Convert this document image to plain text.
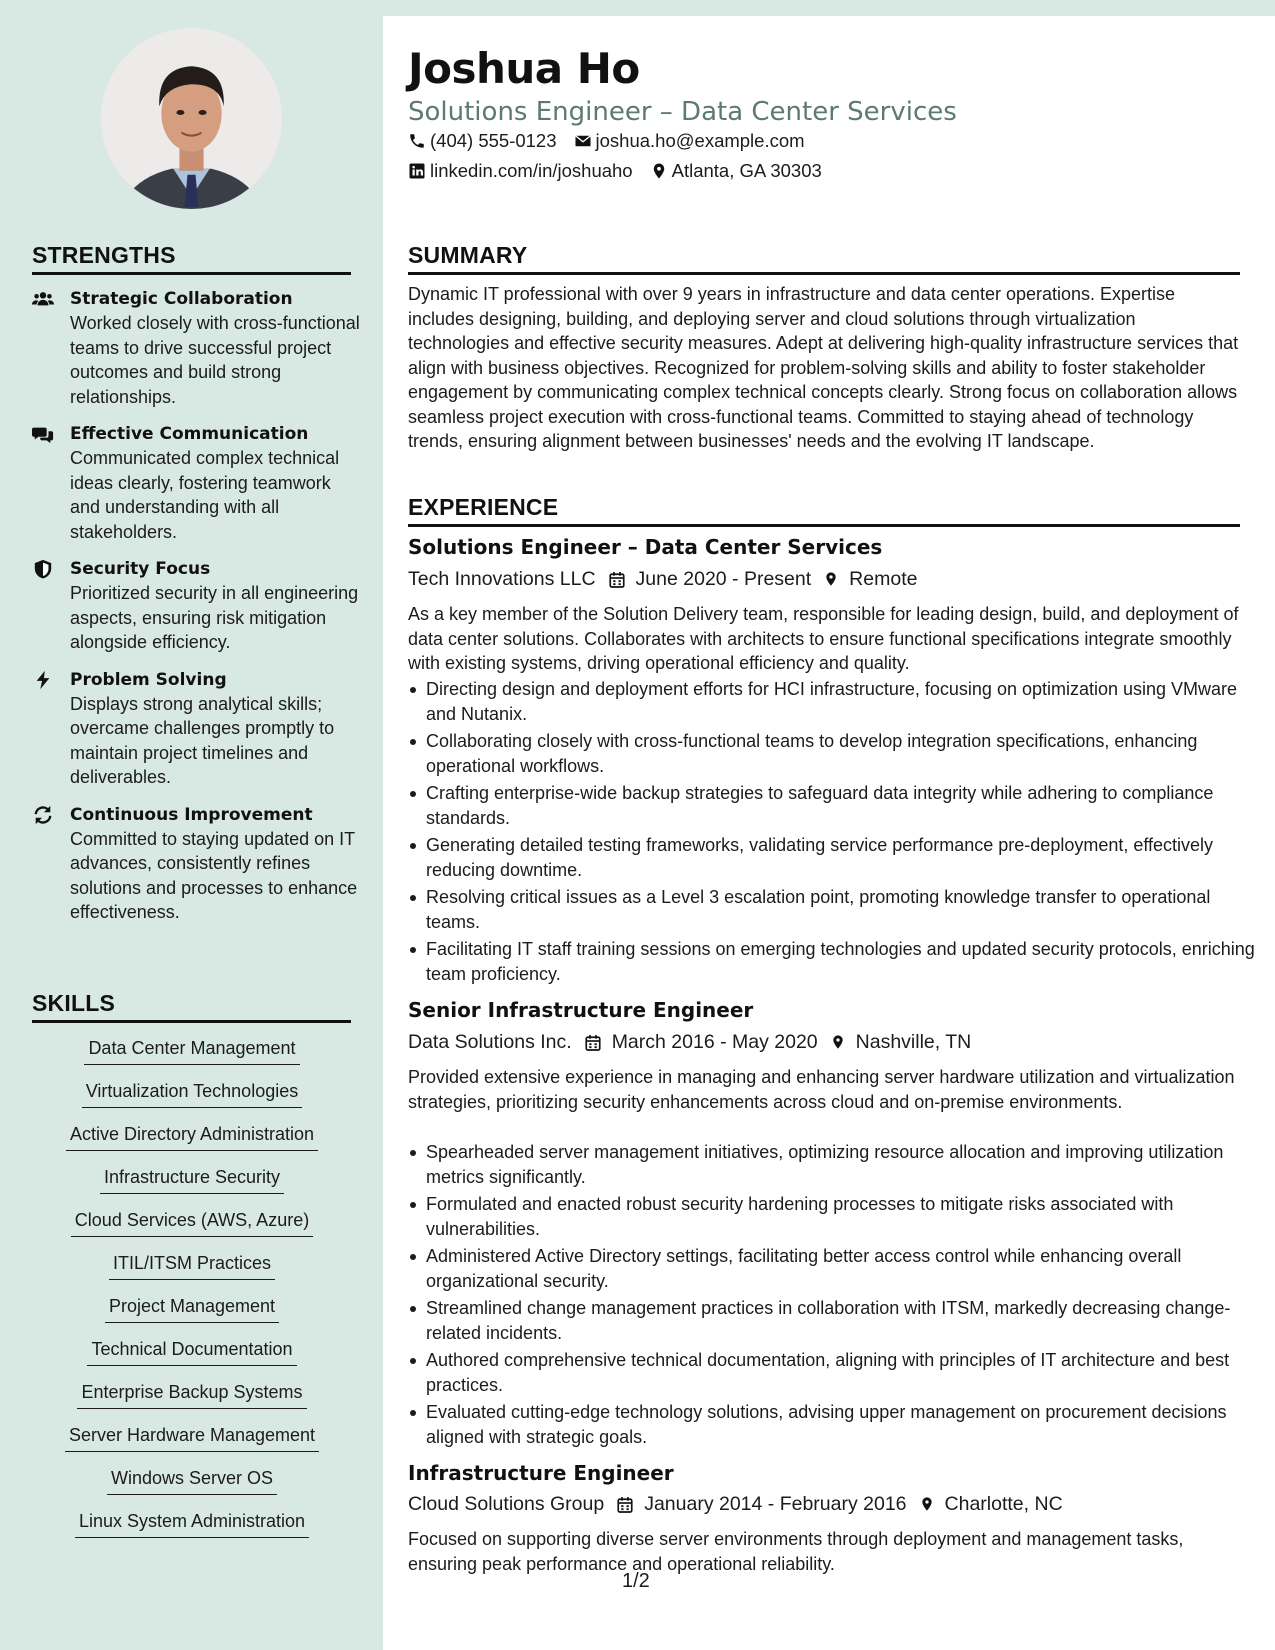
Joshua Ho
Solutions Engineer – Data Center Services
(404) 555-0123 joshua.ho@example.com
linkedin.com/in/joshuaho Atlanta, GA 30303
STRENGTHS
Strategic Collaboration
Worked closely with cross-functional teams to drive successful project outcomes and build strong relationships.
Effective Communication
Communicated complex technical ideas clearly, fostering teamwork and understanding with all stakeholders.
Security Focus
Prioritized security in all engineering aspects, ensuring risk mitigation alongside efficiency.
Problem Solving
Displays strong analytical skills; overcame challenges promptly to maintain project timelines and deliverables.
Continuous Improvement
Committed to staying updated on IT advances, consistently refines solutions and processes to enhance effectiveness.
SKILLS
Data Center Management
Virtualization Technologies
Active Directory Administration
Infrastructure Security
Cloud Services (AWS, Azure)
ITIL/ITSM Practices
Project Management
Technical Documentation
Enterprise Backup Systems
Server Hardware Management
Windows Server OS
Linux System Administration
SUMMARY

Dynamic IT professional with over 9 years in infrastructure and data center operations. Expertise includes designing, building, and deploying server and cloud solutions through virtualization technologies and effective security measures. Adept at delivering high-quality infrastructure services that align with business objectives. Recognized for problem-solving skills and ability to foster stakeholder engagement by communicating complex technical concepts clearly. Strong focus on collaboration allows seamless project execution with cross-functional teams. Committed to staying ahead of technology trends, ensuring alignment between businesses' needs and the evolving IT landscape.

EXPERIENCE
Solutions Engineer – Data Center Services
Tech Innovations LLC June 2020 - Present Remote

As a key member of the Solution Delivery team, responsible for leading design, build, and deployment of data center solutions. Collaborates with architects to ensure functional specifications integrate smoothly with existing systems, driving operational efficiency and quality.

Directing design and deployment efforts for HCI infrastructure, focusing on optimization using VMware and Nutanix.
Collaborating closely with cross-functional teams to develop integration specifications, enhancing operational workflows.
Crafting enterprise-wide backup strategies to safeguard data integrity while adhering to compliance standards.
Generating detailed testing frameworks, validating service performance pre-deployment, effectively reducing downtime.
Resolving critical issues as a Level 3 escalation point, promoting knowledge transfer to operational teams.
Facilitating IT staff training sessions on emerging technologies and updated security protocols, enriching team proficiency.
Senior Infrastructure Engineer
Data Solutions Inc. March 2016 - May 2020 Nashville, TN

Provided extensive experience in managing and enhancing server hardware utilization and virtualization strategies, prioritizing security enhancements across cloud and on-premise environments.

Spearheaded server management initiatives, optimizing resource allocation and improving utilization metrics significantly.
Formulated and enacted robust security hardening processes to mitigate risks associated with vulnerabilities.
Administered Active Directory settings, facilitating better access control while enhancing overall organizational security.
Streamlined change management practices in collaboration with ITSM, markedly decreasing change-related incidents.
Authored comprehensive technical documentation, aligning with principles of IT architecture and best practices.
Evaluated cutting-edge technology solutions, advising upper management on procurement decisions aligned with strategic goals.
Infrastructure Engineer
Cloud Solutions Group January 2014 - February 2016 Charlotte, NC

Focused on supporting diverse server environments through deployment and management tasks, ensuring peak performance and operational reliability.

1/2
